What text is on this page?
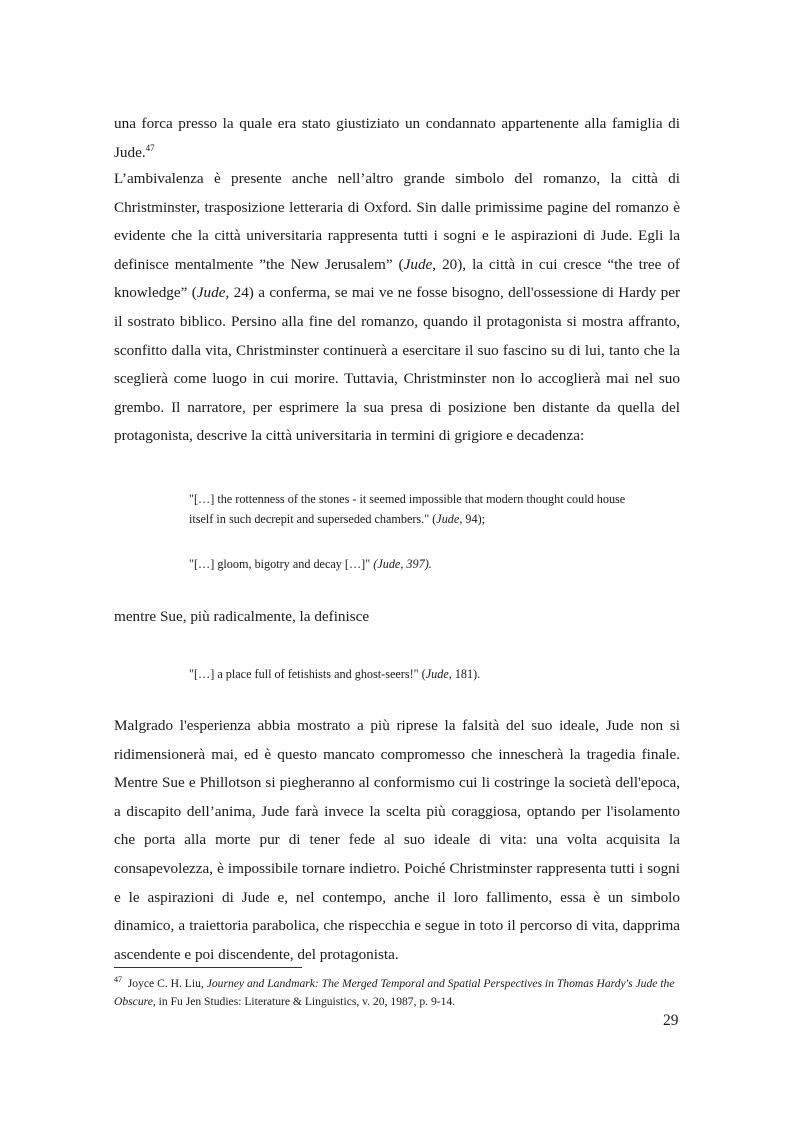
una forca presso la quale era stato giustiziato un condannato appartenente alla famiglia di Jude.$^{47}$

L’ambivalenza è presente anche nell’altro grande simbolo del romanzo, la città di Christminster, trasposizione letteraria di Oxford. Sin dalle primissime pagine del romanzo è evidente che la città universitaria rappresenta tutti i sogni e le aspirazioni di Jude. Egli la definisce mentalmente ”the New Jerusalem” (Jude, 20), la città in cui cresce “the tree of knowledge” (Jude, 24) a conferma, se mai ve ne fosse bisogno, dell'ossessione di Hardy per il sostrato biblico. Persino alla fine del romanzo, quando il protagonista si mostra affranto, sconfitto dalla vita, Christminster continuerà a esercitare il suo fascino su di lui, tanto che la sceglierà come luogo in cui morire. Tuttavia, Christminster non lo accoglierà mai nel suo grembo. Il narratore, per esprimere la sua presa di posizione ben distante da quella del protagonista, descrive la città universitaria in termini di grigiore e decadenza:

"[…] the rottenness of the stones - it seemed impossible that modern thought could house itself in such decrepit and superseded chambers." (Jude, 94);

"[…] gloom, bigotry and decay […]" (Jude, 397).

mentre Sue, più radicalmente, la definisce

"[…] a place full of fetishists and ghost-seers!" (Jude, 181).

Malgrado l'esperienza abbia mostrato a più riprese la falsità del suo ideale, Jude non si ridimensionerà mai, ed è questo mancato compromesso che innescherà la tragedia finale. Mentre Sue e Phillotson si piegheranno al conformismo cui li costringe la società dell'epoca, a discapito dell’anima, Jude farà invece la scelta più coraggiosa, optando per l'isolamento che porta alla morte pur di tener fede al suo ideale di vita: una volta acquisita la consapevolezza, è impossibile tornare indietro. Poiché Christminster rappresenta tutti i sogni e le aspirazioni di Jude e, nel contempo, anche il loro fallimento, essa è un simbolo dinamico, a traiettoria parabolica, che rispecchia e segue in toto il percorso di vita, dapprima ascendente e poi discendente, del protagonista.

$^{47}$ Joyce C. H. Liu, Journey and Landmark: The Merged Temporal and Spatial Perspectives in Thomas Hardy's Jude the Obscure, in Fu Jen Studies: Literature & Linguistics, v. 20, 1987, p. 9-14.

29
